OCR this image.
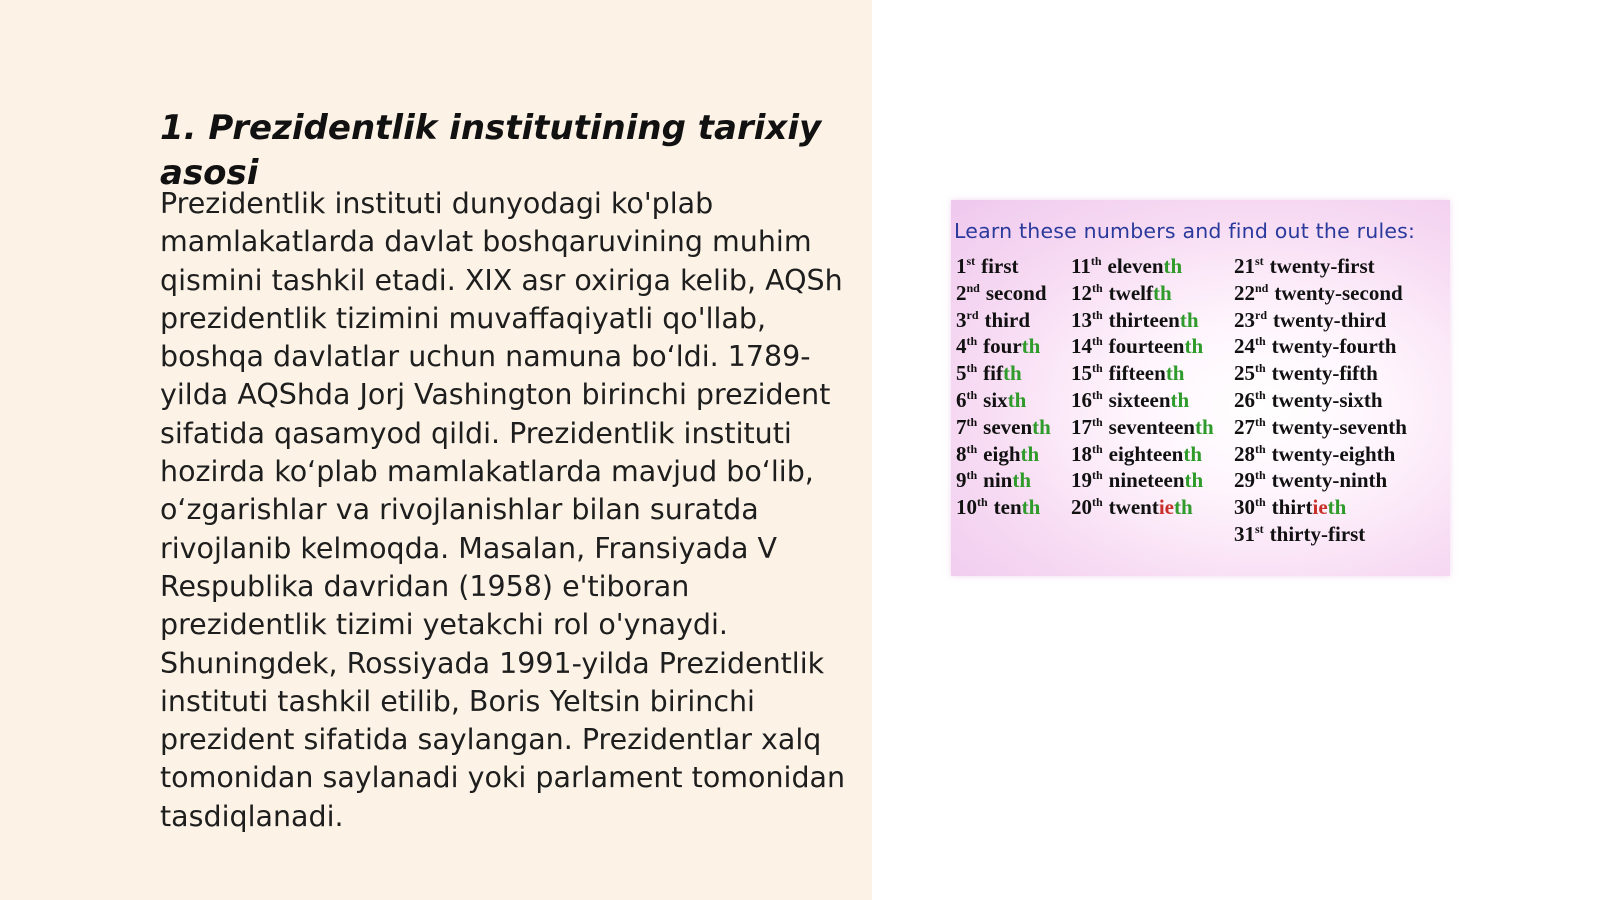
1. Prezidentlik institutining tarixiy asosi

Prezidentlik instituti dunyodagi ko'plab mamlakatlarda davlat boshqaruvining muhim qismini tashkil etadi. XIX asr oxiriga kelib, AQSh prezidentlik tizimini muvaffaqiyatli qo'llab, boshqa davlatlar uchun namuna boʻldi. 1789-yilda AQShda Jorj Vashington birinchi prezident sifatida qasamyod qildi. Prezidentlik instituti hozirda koʻplab mamlakatlarda mavjud boʻlib, oʻzgarishlar va rivojlanishlar bilan suratda rivojlanib kelmoqda. Masalan, Fransiyada V Respublika davridan (1958) e'tiboran prezidentlik tizimi yetakchi rol o'ynaydi. Shuningdek, Rossiyada 1991-yilda Prezidentlik instituti tashkil etilib, Boris Yeltsin birinchi prezident sifatida saylangan. Prezidentlar xalq tomonidan saylanadi yoki parlament tomonidan tasdiqlanadi.

Learn these numbers and find out the rules:
1st first
2nd second
3rd third
4th fourth
5th fifth
6th sixth
7th seventh
8th eighth
9th ninth
10th tenth
11th eleventh
12th twelfth
13th thirteenth
14th fourteenth
15th fifteenth
16th sixteenth
17th seventeenth
18th eighteenth
19th nineteenth
20th twentieth
21st twenty-first
22nd twenty-second
23rd twenty-third
24th twenty-fourth
25th twenty-fifth
26th twenty-sixth
27th twenty-seventh
28th twenty-eighth
29th twenty-ninth
30th thirtieth
31st thirty-first
